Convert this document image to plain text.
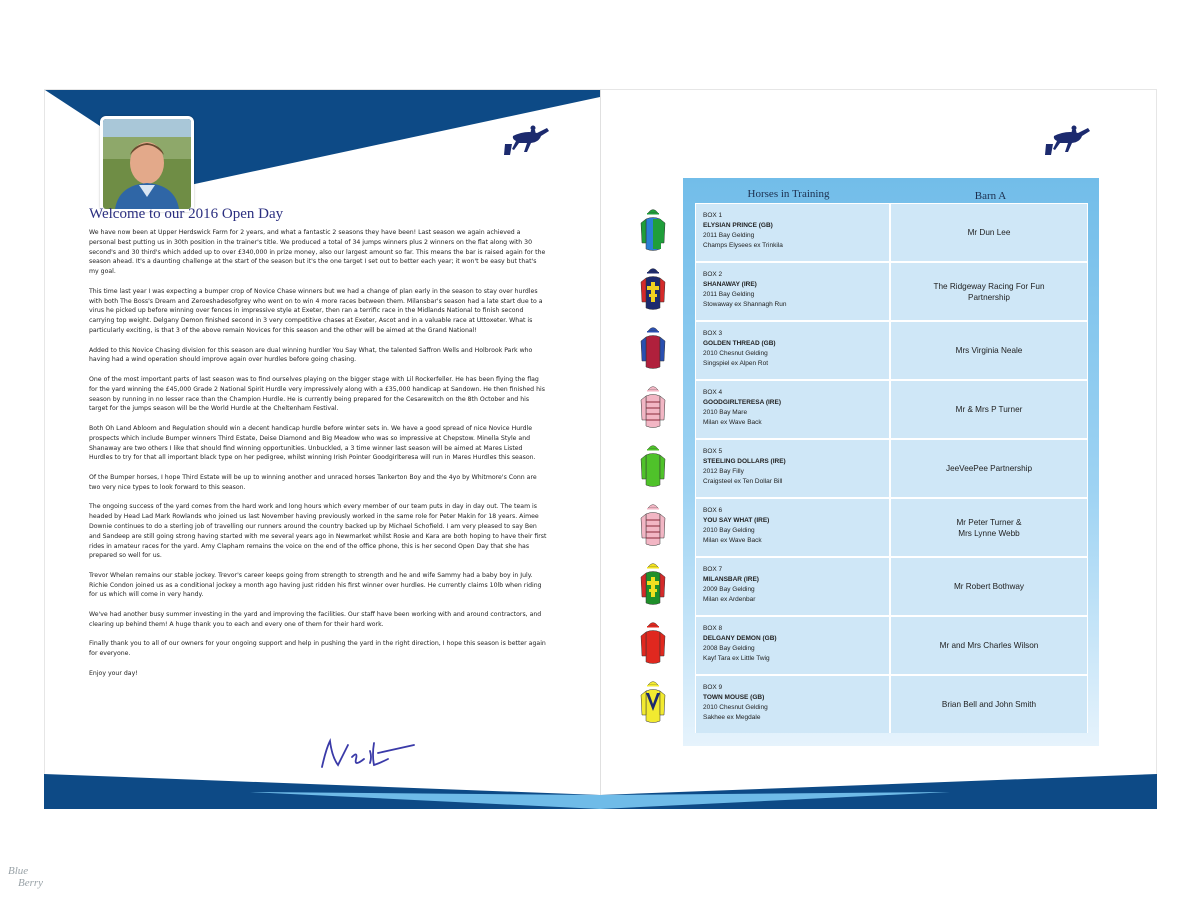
Welcome to our 2016 Open Day

We have now been at Upper Herdswick Farm for 2 years, and what a fantastic 2 seasons they have been! Last season we again achieved a personal best putting us in 30th position in the trainer's title. We produced a total of 34 jumps winners plus 2 winners on the flat along with 30 second's and 30 third's which added up to over £340,000 in prize money, also our largest amount so far. This means the bar is raised again for the season ahead. It's a daunting challenge at the start of the season but it's the one target I set out to better each year; it won't be easy but that's my goal.

This time last year I was expecting a bumper crop of Novice Chase winners but we had a change of plan early in the season to stay over hurdles with both The Boss's Dream and Zeroeshadesofgrey who went on to win 4 more races between them. Milansbar's season had a late start due to a virus he picked up before winning over fences in impressive style at Exeter, then ran a terrific race in the Midlands National to finish second carrying top weight. Delgany Demon finished second in 3 very competitive chases at Exeter, Ascot and in a valuable race at Uttoxeter. What is particularly exciting, is that 3 of the above remain Novices for this season and the other will be aimed at the Grand National!

Added to this Novice Chasing division for this season are dual winning hurdler You Say What, the talented Saffron Wells and Holbrook Park who having had a wind operation should improve again over hurdles before going chasing.

One of the most important parts of last season was to find ourselves playing on the bigger stage with Lil Rockerfeller. He has been flying the flag for the yard winning the £45,000 Grade 2 National Spirit Hurdle very impressively along with a £35,000 handicap at Sandown. He then finished his season by running in no lesser race than the Champion Hurdle. He is currently being prepared for the Cesarewitch on the 8th October and his target for the jumps season will be the World Hurdle at the Cheltenham Festival.

Both Oh Land Abloom and Regulation should win a decent handicap hurdle before winter sets in. We have a good spread of nice Novice Hurdle prospects which include Bumper winners Third Estate, Deise Diamond and Big Meadow who was so impressive at Chepstow. Minella Style and Shanaway are two others I like that should find winning opportunities. Unbuckled, a 3 time winner last season will be aimed at Mares Listed Hurdles to try for that all important black type on her pedigree, whilst winning Irish Pointer Goodgirlteresa will run in Mares Hurdles this season.

Of the Bumper horses, I hope Third Estate will be up to winning another and unraced horses Tankerton Boy and the 4yo by Whitmore's Conn are two very nice types to look forward to this season.

The ongoing success of the yard comes from the hard work and long hours which every member of our team puts in day in day out. The team is headed by Head Lad Mark Rowlands who joined us last November having previously worked in the same role for Peter Makin for 18 years. Aimee Downie continues to do a sterling job of travelling our runners around the country backed up by Michael Schofield. I am very pleased to say Ben and Sandeep are still going strong having started with me several years ago in Newmarket whilst Rosie and Kara are both hoping to have their first rides in amateur races for the yard. Amy Clapham remains the voice on the end of the office phone, this is her second Open Day that she has prepared so well for us.

Trevor Whelan remains our stable jockey. Trevor's career keeps going from strength to strength and he and wife Sammy had a baby boy in July. Richie Condon joined us as a conditional jockey a month ago having just ridden his first winner over hurdles. He currently claims 10lb when riding for us which will come in very handy.

We've had another busy summer investing in the yard and improving the facilities. Our staff have been working with and around contractors, and clearing up behind them! A huge thank you to each and every one of them for their hard work.

Finally thank you to all of our owners for your ongoing support and help in pushing the yard in the right direction, I hope this season is better again for everyone.

Enjoy your day!

Horses in Training	Barn A
BOX 1
ELYSIAN PRINCE (GB)
2011 Bay Gelding
Champs Elysees ex Trinkila
Mr Dun Lee
BOX 2
SHANAWAY (IRE)
2011 Bay Gelding
Stowaway ex Shannagh Run
The Ridgeway Racing For Fun
Partnership
BOX 3
GOLDEN THREAD (GB)
2010 Chesnut Gelding
Singspiel ex Alpen Rot
Mrs Virginia Neale
BOX 4
GOODGIRLTERESA (IRE)
2010 Bay Mare
Milan ex Wave Back
Mr & Mrs P Turner
BOX 5
STEELING DOLLARS (IRE)
2012 Bay Filly
Craigsteel ex Ten Dollar Bill
JeeVeePee Partnership
BOX 6
YOU SAY WHAT (IRE)
2010 Bay Gelding
Milan ex Wave Back
Mr Peter Turner &
Mrs Lynne Webb
BOX 7
MILANSBAR (IRE)
2009 Bay Gelding
Milan ex Ardenbar
Mr Robert Bothway
BOX 8
DELGANY DEMON (GB)
2008 Bay Gelding
Kayf Tara ex Little Twig
Mr and Mrs Charles Wilson
BOX 9
TOWN MOUSE (GB)
2010 Chesnut Gelding
Sakhee ex Megdale
Brian Bell and John Smith
Blue
Berry
